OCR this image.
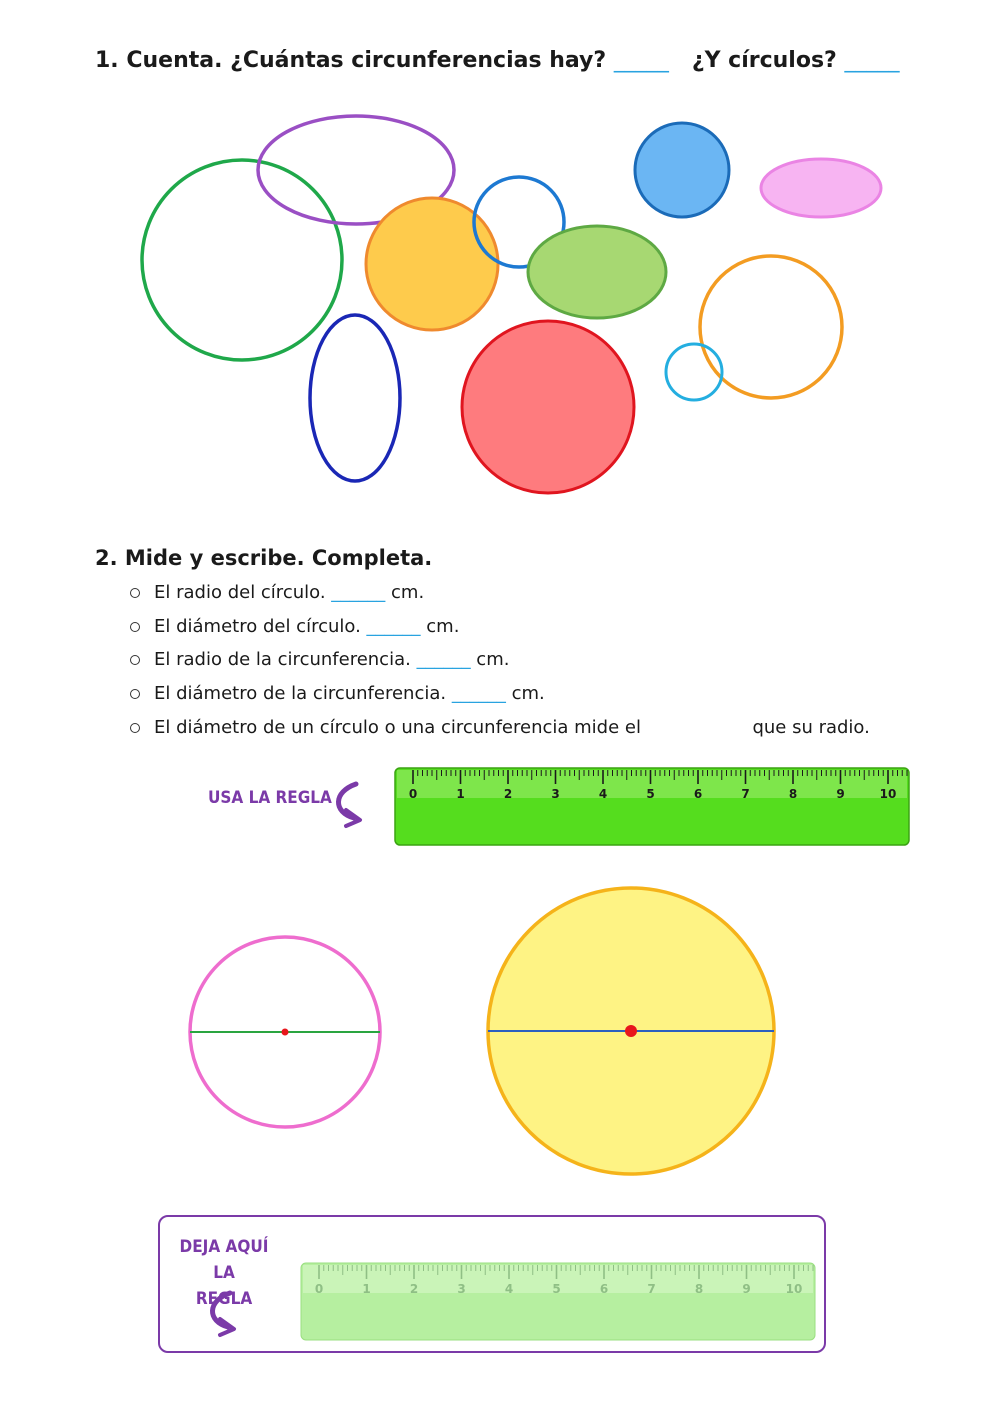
1. Cuenta. ¿Cuántas circunferencias hay? _____ ¿Y círculos? _____
0	1	2	3	4	5	6	7	8	9	10
0	1	2	3	4	5	6	7	8	9	10
2. Mide y escribe. Completa.
El radio del círculo. ______ cm.
El diámetro del círculo. ______ cm.
El radio de la circunferencia. ______ cm.
El diámetro de la circunferencia. ______ cm.
El diámetro de un círculo o una circunferencia mide el	que su radio.
USA LA REGLA
DEJA AQUÍ LA
REGLA
